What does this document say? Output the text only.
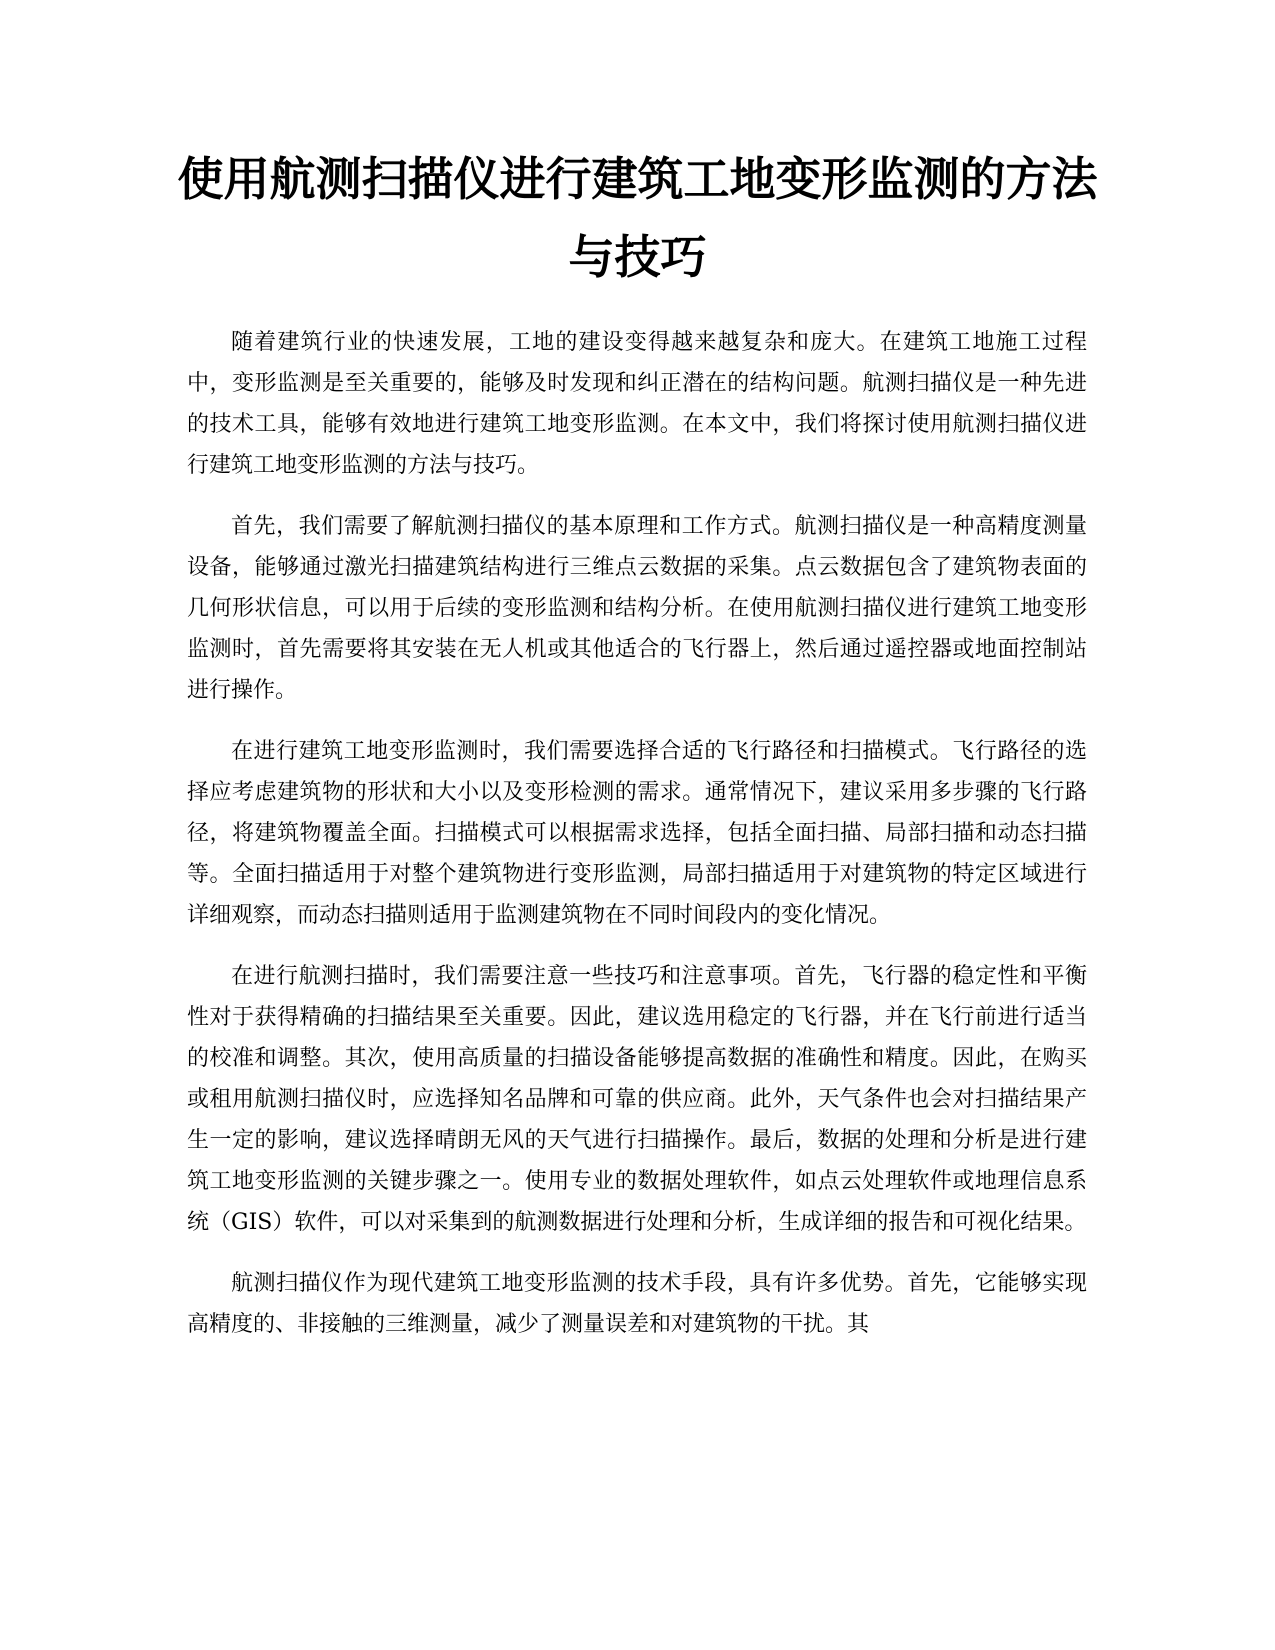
使用航测扫描仪进行建筑工地变形监测的方法与技巧

随着建筑行业的快速发展，工地的建设变得越来越复杂和庞大。在建筑工地施工过程中，变形监测是至关重要的，能够及时发现和纠正潜在的结构问题。航测扫描仪是一种先进的技术工具，能够有效地进行建筑工地变形监测。在本文中，我们将探讨使用航测扫描仪进行建筑工地变形监测的方法与技巧。

首先，我们需要了解航测扫描仪的基本原理和工作方式。航测扫描仪是一种高精度测量设备，能够通过激光扫描建筑结构进行三维点云数据的采集。点云数据包含了建筑物表面的几何形状信息，可以用于后续的变形监测和结构分析。在使用航测扫描仪进行建筑工地变形监测时，首先需要将其安装在无人机或其他适合的飞行器上，然后通过遥控器或地面控制站进行操作。

在进行建筑工地变形监测时，我们需要选择合适的飞行路径和扫描模式。飞行路径的选择应考虑建筑物的形状和大小以及变形检测的需求。通常情况下，建议采用多步骤的飞行路径，将建筑物覆盖全面。扫描模式可以根据需求选择，包括全面扫描、局部扫描和动态扫描等。全面扫描适用于对整个建筑物进行变形监测，局部扫描适用于对建筑物的特定区域进行详细观察，而动态扫描则适用于监测建筑物在不同时间段内的变化情况。

在进行航测扫描时，我们需要注意一些技巧和注意事项。首先，飞行器的稳定性和平衡性对于获得精确的扫描结果至关重要。因此，建议选用稳定的飞行器，并在飞行前进行适当的校准和调整。其次，使用高质量的扫描设备能够提高数据的准确性和精度。因此，在购买或租用航测扫描仪时，应选择知名品牌和可靠的供应商。此外，天气条件也会对扫描结果产生一定的影响，建议选择晴朗无风的天气进行扫描操作。最后，数据的处理和分析是进行建筑工地变形监测的关键步骤之一。使用专业的数据处理软件，如点云处理软件或地理信息系统（GIS）软件，可以对采集到的航测数据进行处理和分析，生成详细的报告和可视化结果。

航测扫描仪作为现代建筑工地变形监测的技术手段，具有许多优势。首先，它能够实现高精度的、非接触的三维测量，减少了测量误差和对建筑物的干扰。其
